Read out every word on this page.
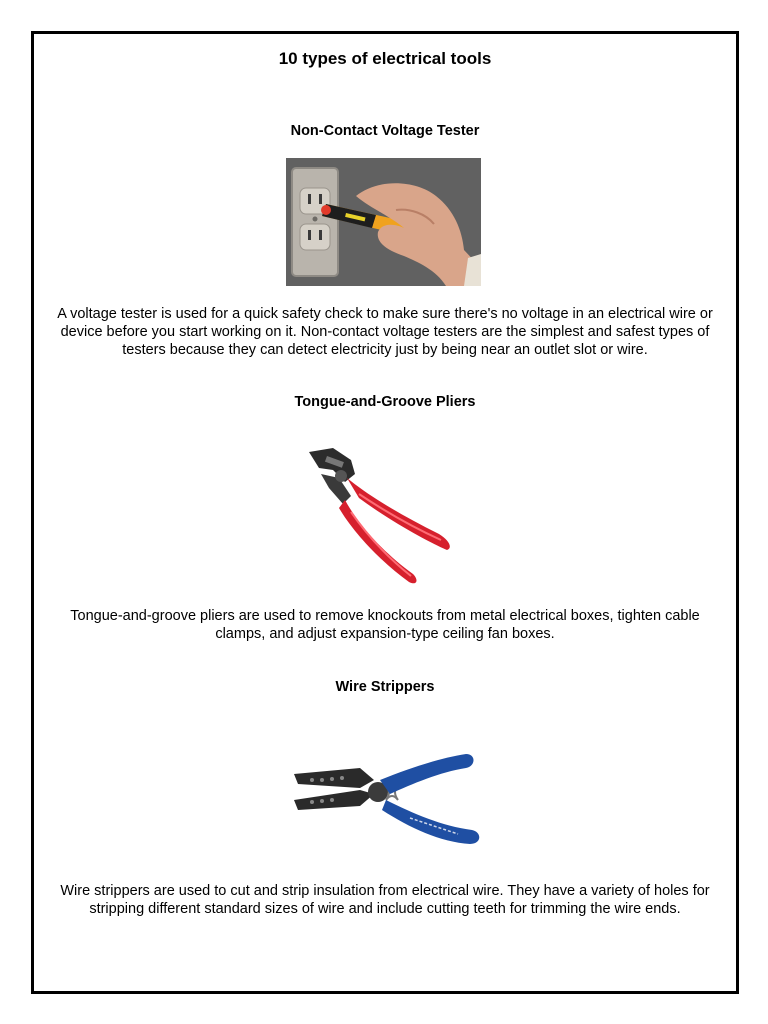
10 types of electrical tools
Non-Contact Voltage Tester
A voltage tester is used for a quick safety check to make sure there's no voltage in an electrical wire or device before you start working on it. Non-contact voltage testers are the simplest and safest types of testers because they can detect electricity just by being near an outlet slot or wire.
Tongue-and-Groove Pliers
Tongue-and-groove pliers are used to remove knockouts from metal electrical boxes, tighten cable clamps, and adjust expansion-type ceiling fan boxes.
Wire Strippers
Wire strippers are used to cut and strip insulation from electrical wire. They have a variety of holes for stripping different standard sizes of wire and include cutting teeth for trimming the wire ends.
